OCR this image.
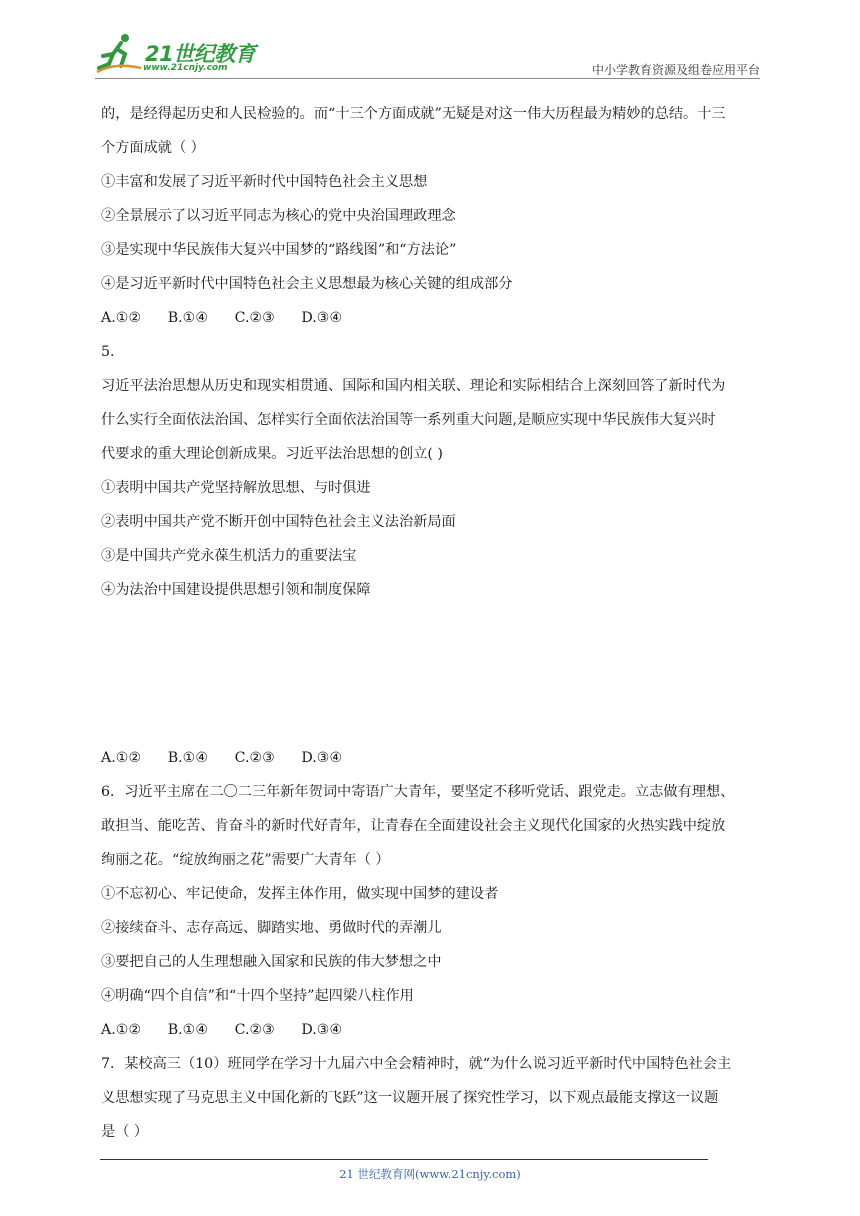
21世纪教育
www.21cnjy.com	中小学教育资源及组卷应用平台
的，是经得起历史和人民检验的。而“十三个方面成就”无疑是对这一伟大历程最为精妙的总结。十三
个方面成就（ ）
①丰富和发展了习近平新时代中国特色社会主义思想
②全景展示了以习近平同志为核心的党中央治国理政理念
③是实现中华民族伟大复兴中国梦的“路线图”和“方法论”
④是习近平新时代中国特色社会主义思想最为核心关键的组成部分
A.①② B.①④ C.②③ D.③④
5.
习近平法治思想从历史和现实相贯通、国际和国内相关联、理论和实际相结合上深刻回答了新时代为
什么实行全面依法治国、怎样实行全面依法治国等一系列重大问题,是顺应实现中华民族伟大复兴时
代要求的重大理论创新成果。习近平法治思想的创立( )
①表明中国共产党坚持解放思想、与时俱进
②表明中国共产党不断开创中国特色社会主义法治新局面
③是中国共产党永葆生机活力的重要法宝
④为法治中国建设提供思想引领和制度保障
A.①② B.①④ C.②③ D.③④
6．习近平主席在二〇二三年新年贺词中寄语广大青年，要坚定不移听党话、跟党走。立志做有理想、
敢担当、能吃苦、肯奋斗的新时代好青年，让青春在全面建设社会主义现代化国家的火热实践中绽放
绚丽之花。“绽放绚丽之花”需要广大青年（ ）
①不忘初心、牢记使命，发挥主体作用，做实现中国梦的建设者
②接续奋斗、志存高远、脚踏实地、勇做时代的弄潮儿
③要把自己的人生理想融入国家和民族的伟大梦想之中
④明确“四个自信”和“十四个坚持”起四梁八柱作用
A.①② B.①④ C.②③ D.③④
7．某校高三（10）班同学在学习十九届六中全会精神时，就“为什么说习近平新时代中国特色社会主
义思想实现了马克思主义中国化新的飞跃”这一议题开展了探究性学习，以下观点最能支撑这一议题
是（ ）
21 世纪教育网(www.21cnjy.com)
